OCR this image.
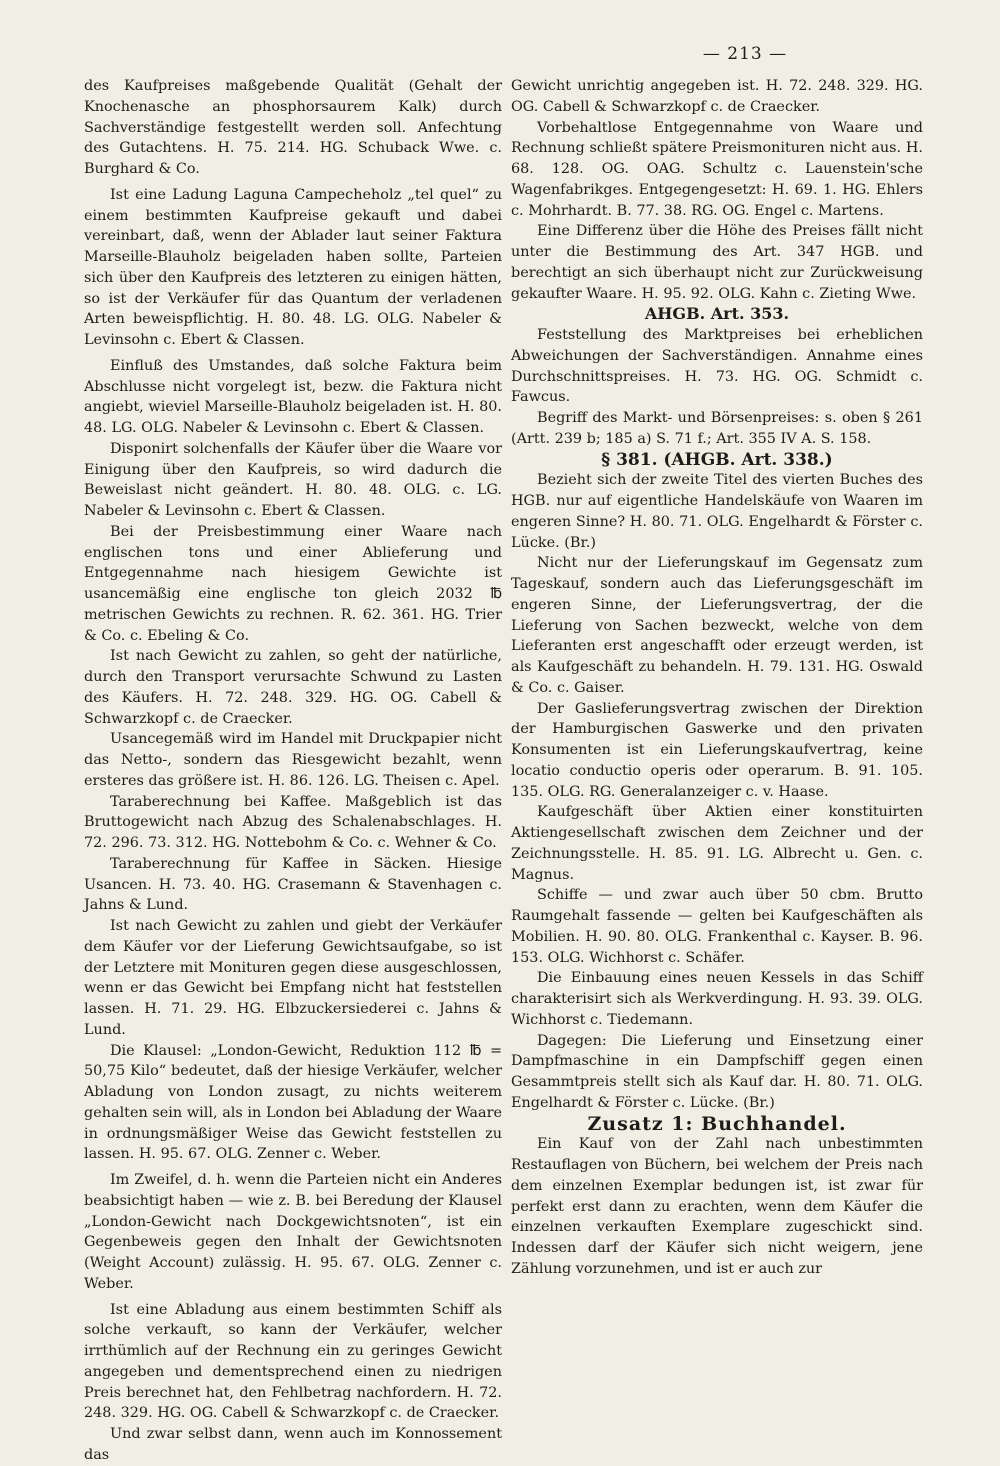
— 213 —

des Kaufpreises maßgebende Qualität (Gehalt der Knochenasche an phosphorsaurem Kalk) durch Sachverständige festgestellt werden soll. Anfechtung des Gutachtens. H. 75. 214. HG. Schuback Wwe. c. Burghard & Co.

Ist eine Ladung Laguna Campecheholz „tel quel“ zu einem bestimmten Kaufpreise gekauft und dabei vereinbart, daß, wenn der Ablader laut seiner Faktura Marseille-Blauholz beigeladen haben sollte, Parteien sich über den Kaufpreis des letzteren zu einigen hätten, so ist der Verkäufer für das Quantum der verladenen Arten beweispflichtig. H. 80. 48. LG. OLG. Nabeler & Levinsohn c. Ebert & Classen.

Einfluß des Umstandes, daß solche Faktura beim Abschlusse nicht vorgelegt ist, bezw. die Faktura nicht angiebt, wieviel Marseille-Blauholz beigeladen ist. H. 80. 48. LG. OLG. Nabeler & Levinsohn c. Ebert & Classen.

Disponirt solchenfalls der Käufer über die Waare vor Einigung über den Kaufpreis, so wird dadurch die Beweislast nicht geändert. H. 80. 48. OLG. c. LG. Nabeler & Levinsohn c. Ebert & Classen.

Bei der Preisbestimmung einer Waare nach englischen tons und einer Ablieferung und Entgegennahme nach hiesigem Gewichte ist usancemäßig eine englische ton gleich 2032 ℔ metrischen Gewichts zu rechnen. R. 62. 361. HG. Trier & Co. c. Ebeling & Co.

Ist nach Gewicht zu zahlen, so geht der natürliche, durch den Transport verursachte Schwund zu Lasten des Käufers. H. 72. 248. 329. HG. OG. Cabell & Schwarzkopf c. de Craecker.

Usancegemäß wird im Handel mit Druckpapier nicht das Netto-, sondern das Riesgewicht bezahlt, wenn ersteres das größere ist. H. 86. 126. LG. Theisen c. Apel.

Taraberechnung bei Kaffee. Maßgeblich ist das Bruttogewicht nach Abzug des Schalenabschlages. H. 72. 296. 73. 312. HG. Nottebohm & Co. c. Wehner & Co.

Taraberechnung für Kaffee in Säcken. Hiesige Usancen. H. 73. 40. HG. Crasemann & Stavenhagen c. Jahns & Lund.

Ist nach Gewicht zu zahlen und giebt der Verkäufer dem Käufer vor der Lieferung Gewichtsaufgabe, so ist der Letztere mit Monituren gegen diese ausgeschlossen, wenn er das Gewicht bei Empfang nicht hat feststellen lassen. H. 71. 29. HG. Elbzuckersiederei c. Jahns & Lund.

Die Klausel: „London-Gewicht, Reduktion 112 ℔ = 50,75 Kilo“ bedeutet, daß der hiesige Verkäufer, welcher Abladung von London zusagt, zu nichts weiterem gehalten sein will, als in London bei Abladung der Waare in ordnungsmäßiger Weise das Gewicht feststellen zu lassen. H. 95. 67. OLG. Zenner c. Weber.

Im Zweifel, d. h. wenn die Parteien nicht ein Anderes beabsichtigt haben — wie z. B. bei Beredung der Klausel „London-Gewicht nach Dockgewichtsnoten“, ist ein Gegenbeweis gegen den Inhalt der Gewichtsnoten (Weight Account) zulässig. H. 95. 67. OLG. Zenner c. Weber.

Ist eine Abladung aus einem bestimmten Schiff als solche verkauft, so kann der Verkäufer, welcher irrthümlich auf der Rechnung ein zu geringes Gewicht angegeben und dementsprechend einen zu niedrigen Preis berechnet hat, den Fehlbetrag nachfordern. H. 72. 248. 329. HG. OG. Cabell & Schwarzkopf c. de Craecker.

Und zwar selbst dann, wenn auch im Konnossement das

Gewicht unrichtig angegeben ist. H. 72. 248. 329. HG. OG. Cabell & Schwarzkopf c. de Craecker.

Vorbehaltlose Entgegennahme von Waare und Rechnung schließt spätere Preismonituren nicht aus. H. 68. 128. OG. OAG. Schultz c. Lauenstein'sche Wagenfabrikges. Entgegengesetzt: H. 69. 1. HG. Ehlers c. Mohrhardt. B. 77. 38. RG. OG. Engel c. Martens.

Eine Differenz über die Höhe des Preises fällt nicht unter die Bestimmung des Art. 347 HGB. und berechtigt an sich überhaupt nicht zur Zurückweisung gekaufter Waare. H. 95. 92. OLG. Kahn c. Zieting Wwe.

AHGB. Art. 353.

Feststellung des Marktpreises bei erheblichen Abweichungen der Sachverständigen. Annahme eines Durchschnittspreises. H. 73. HG. OG. Schmidt c. Fawcus.

Begriff des Markt- und Börsenpreises: s. oben § 261 (Artt. 239 b; 185 a) S. 71 f.; Art. 355 IV A. S. 158.

§ 381. (AHGB. Art. 338.)

Bezieht sich der zweite Titel des vierten Buches des HGB. nur auf eigentliche Handelskäufe von Waaren im engeren Sinne? H. 80. 71. OLG. Engelhardt & Förster c. Lücke. (Br.)

Nicht nur der Lieferungskauf im Gegensatz zum Tageskauf, sondern auch das Lieferungsgeschäft im engeren Sinne, der Lieferungsvertrag, der die Lieferung von Sachen bezweckt, welche von dem Lieferanten erst angeschafft oder erzeugt werden, ist als Kaufgeschäft zu behandeln. H. 79. 131. HG. Oswald & Co. c. Gaiser.

Der Gaslieferungsvertrag zwischen der Direktion der Hamburgischen Gaswerke und den privaten Konsumenten ist ein Lieferungskaufvertrag, keine locatio conductio operis oder operarum. B. 91. 105. 135. OLG. RG. Generalanzeiger c. v. Haase.

Kaufgeschäft über Aktien einer konstituirten Aktiengesellschaft zwischen dem Zeichner und der Zeichnungsstelle. H. 85. 91. LG. Albrecht u. Gen. c. Magnus.

Schiffe — und zwar auch über 50 cbm. Brutto Raumgehalt fassende — gelten bei Kaufgeschäften als Mobilien. H. 90. 80. OLG. Frankenthal c. Kayser. B. 96. 153. OLG. Wichhorst c. Schäfer.

Die Einbauung eines neuen Kessels in das Schiff charakterisirt sich als Werkverdingung. H. 93. 39. OLG. Wichhorst c. Tiedemann.

Dagegen: Die Lieferung und Einsetzung einer Dampfmaschine in ein Dampfschiff gegen einen Gesammtpreis stellt sich als Kauf dar. H. 80. 71. OLG. Engelhardt & Förster c. Lücke. (Br.)

Zusatz 1: Buchhandel.

Ein Kauf von der Zahl nach unbestimmten Restauflagen von Büchern, bei welchem der Preis nach dem einzelnen Exemplar bedungen ist, ist zwar für perfekt erst dann zu erachten, wenn dem Käufer die einzelnen verkauften Exemplare zugeschickt sind. Indessen darf der Käufer sich nicht weigern, jene Zählung vorzunehmen, und ist er auch zur
